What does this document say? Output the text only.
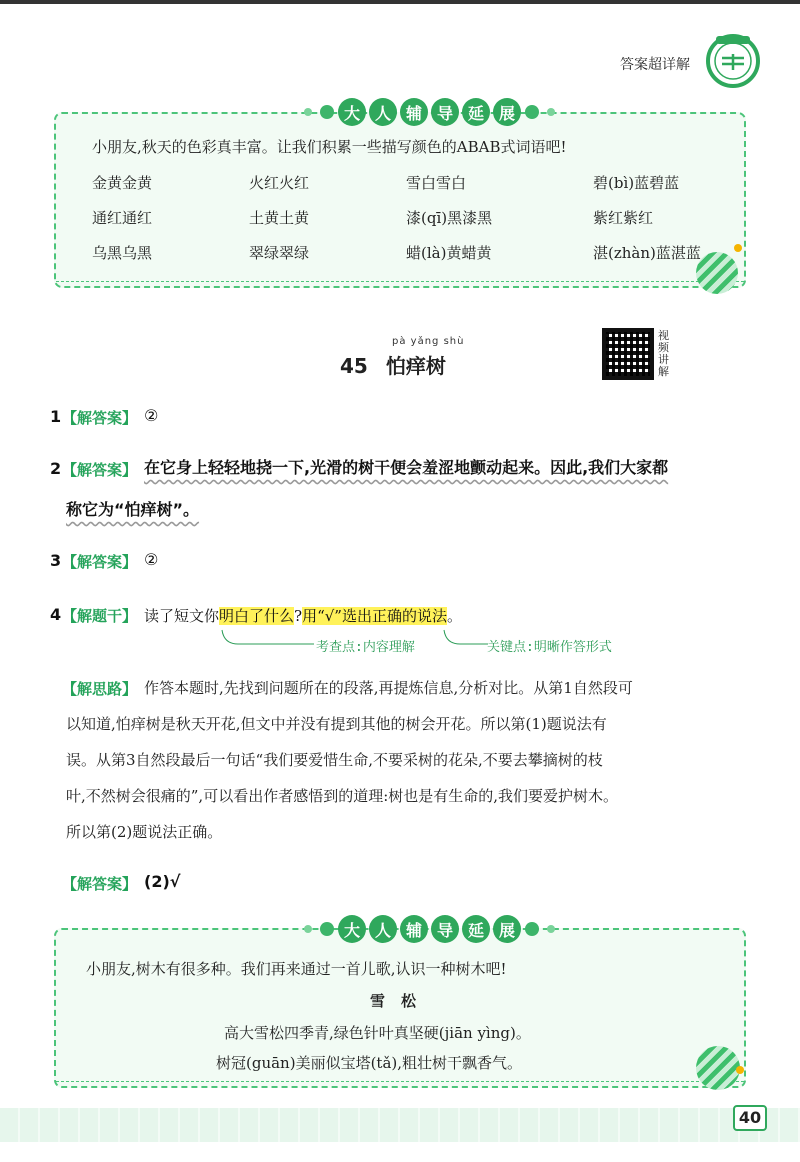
答案超详解
大 人 辅 导 延 展
小朋友,秋天的色彩真丰富。让我们积累一些描写颜色的ABAB式词语吧!
金黄金黄	火红火红	雪白雪白	碧(bì)蓝碧蓝
通红通红	土黄土黄	漆(qī)黑漆黑	紫红紫红
乌黑乌黑	翠绿翠绿	蜡(là)黄蜡黄	湛(zhàn)蓝湛蓝
pà yǎng shù
45 怕痒树
视频讲解
1 【解答案】 ②
2 【解答案】 在它身上轻轻地挠一下,光滑的树干便会羞涩地颤动起来。因此,我们大家都
称它为“怕痒树”。
3 【解答案】 ②
4 【解题干】 读了短文你明白了什么?用“√”选出正确的说法。
考查点:内容理解	关键点:明晰作答形式
【解思路】 作答本题时,先找到问题所在的段落,再提炼信息,分析对比。从第1自然段可
以知道,怕痒树是秋天开花,但文中并没有提到其他的树会开花。所以第(1)题说法有
误。从第3自然段最后一句话“我们要爱惜生命,不要采树的花朵,不要去攀摘树的枝
叶,不然树会很痛的”,可以看出作者感悟到的道理:树也是有生命的,我们要爱护树木。
所以第(2)题说法正确。
【解答案】 (2)√
大 人 辅 导 延 展
小朋友,树木有很多种。我们再来通过一首儿歌,认识一种树木吧!
雪松
高大雪松四季青,绿色针叶真坚硬(jiān yìng)。
树冠(guān)美丽似宝塔(tǎ),粗壮树干飘香气。
40
